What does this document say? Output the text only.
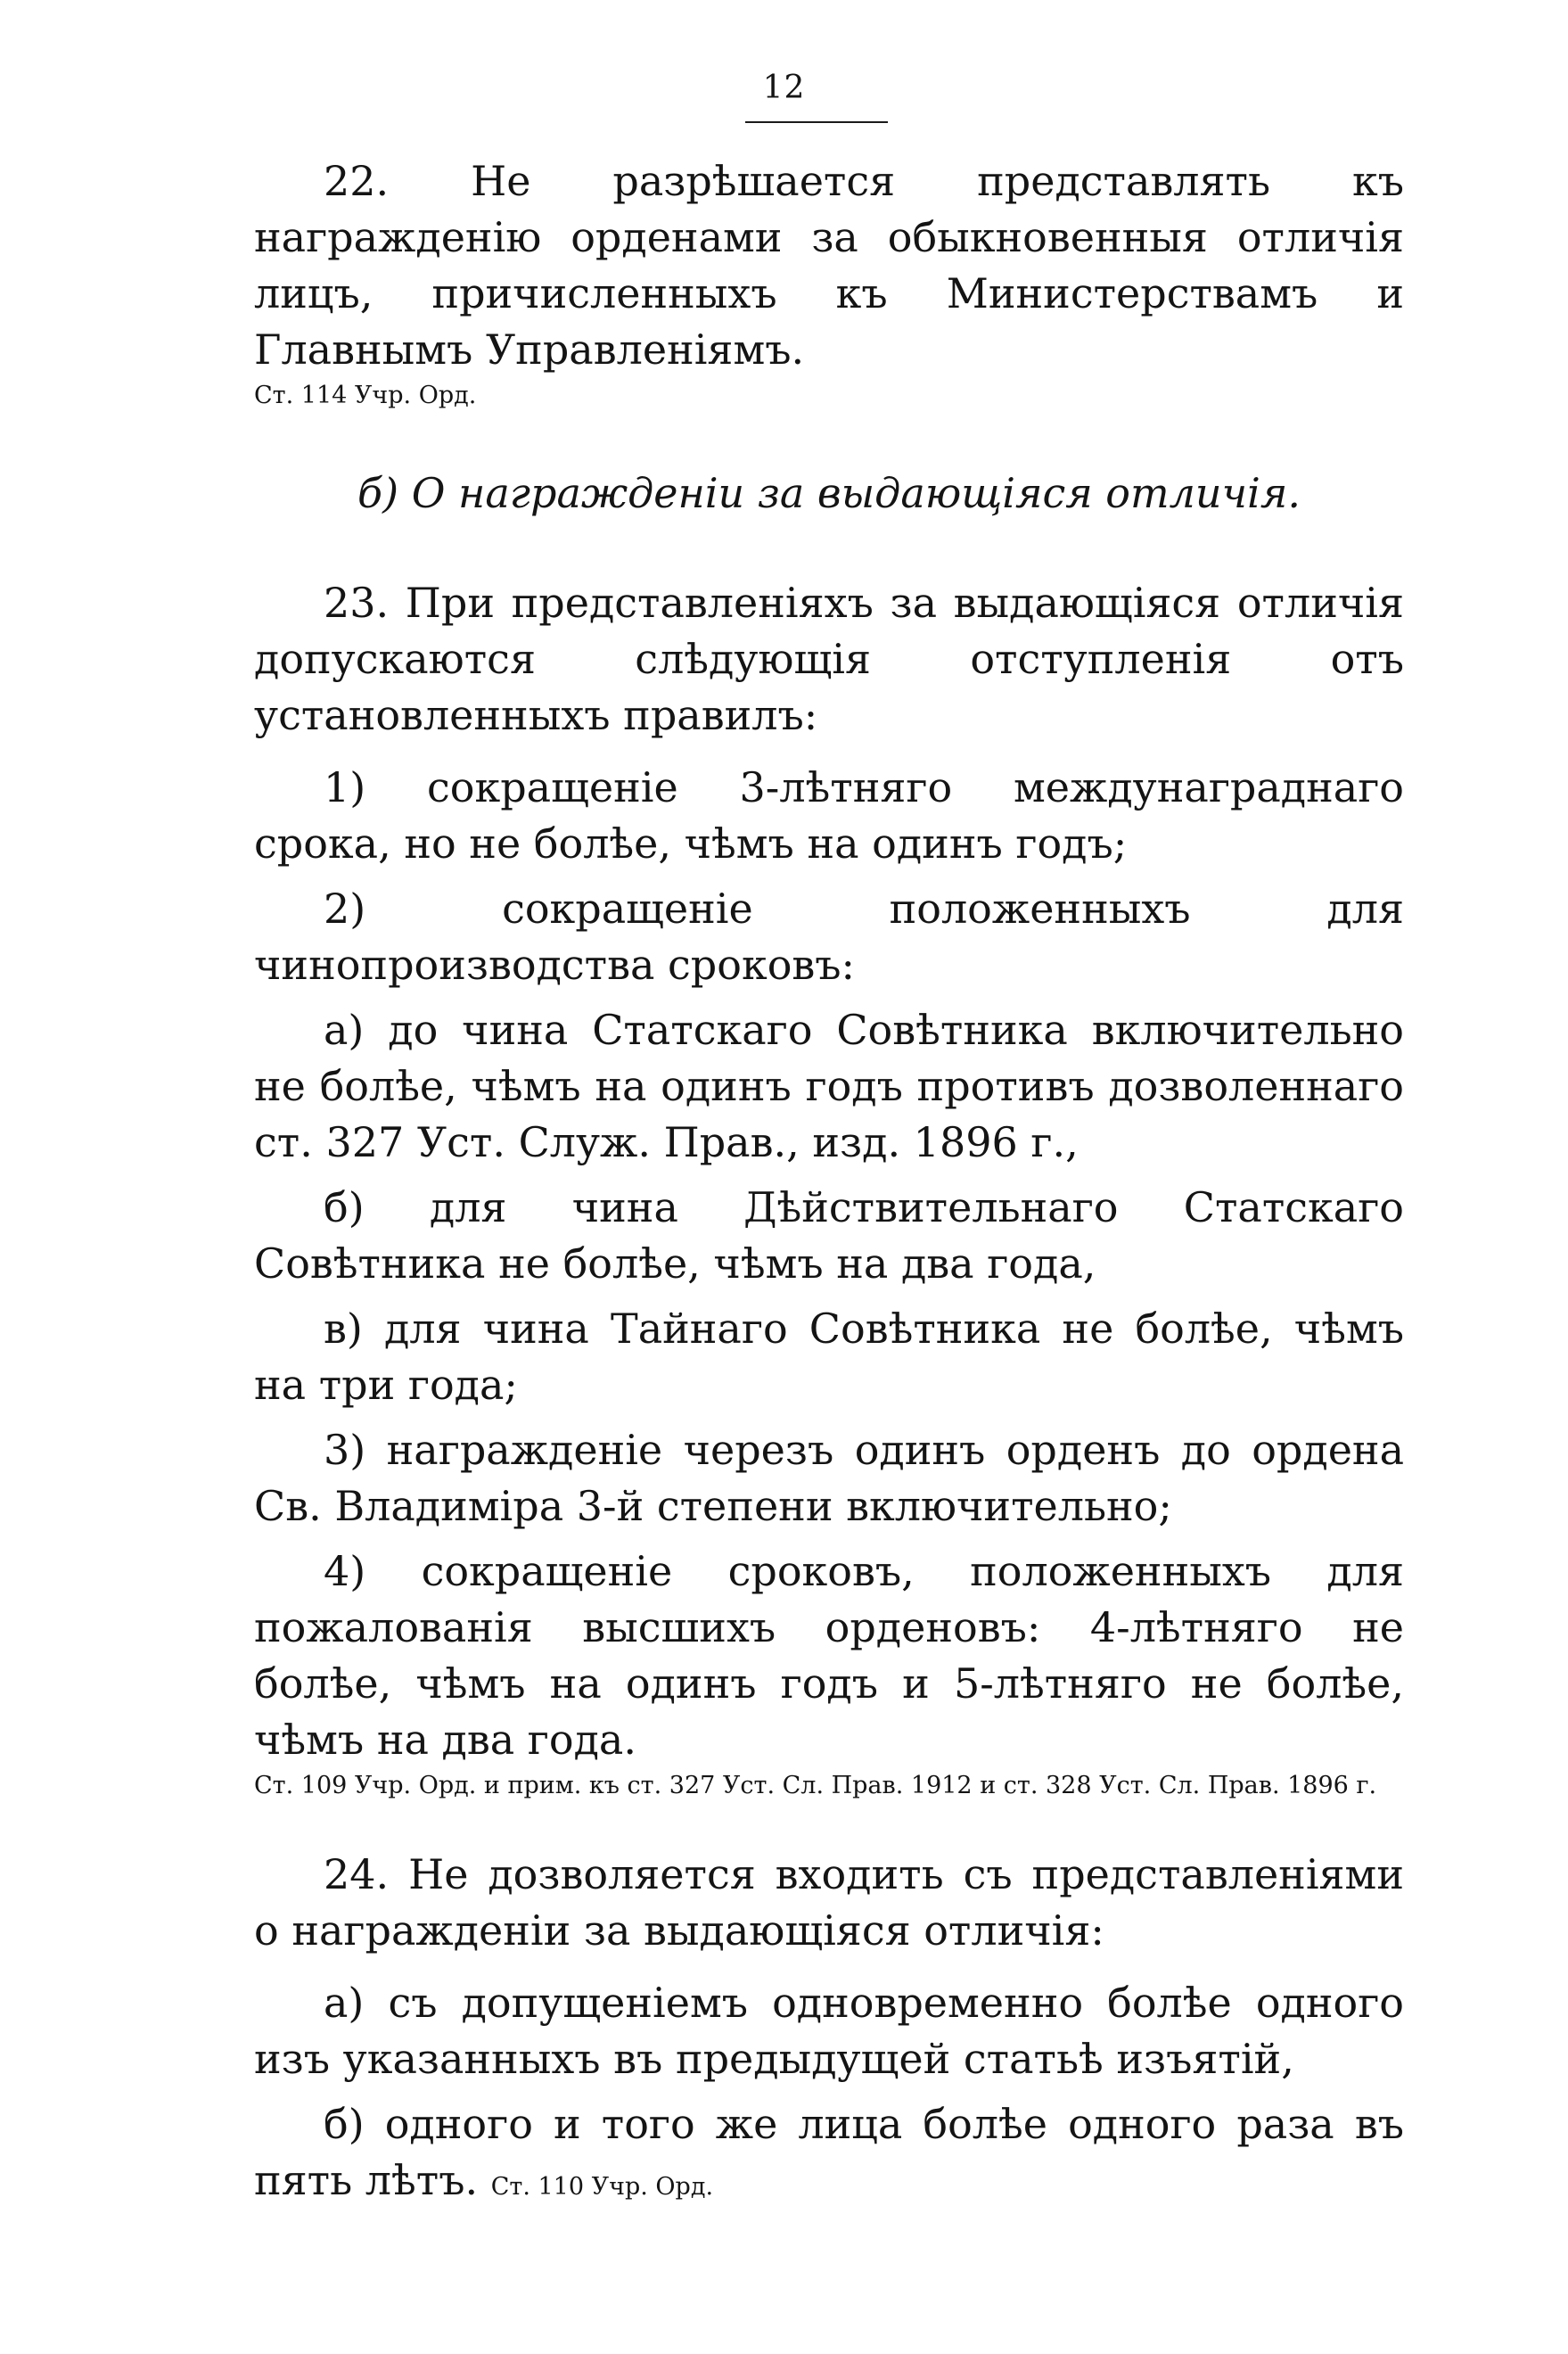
12

22. Не разрѣшается представлять къ награжденію орденами за обыкновенныя отличія лицъ, причисленныхъ къ Министерствамъ и Главнымъ Управленіямъ.

Ст. 114 Учр. Орд.

б) О награжденіи за выдающіяся отличія.

23. При представленіяхъ за выдающіяся отличія допускаются слѣдующія отступленія отъ установленныхъ правилъ:

1) сокращеніе 3-лѣтняго междунаграднаго срока, но не болѣе, чѣмъ на одинъ годъ;

2) сокращеніе положенныхъ для чинопроизводства сроковъ:

а) до чина Статскаго Совѣтника включительно не болѣе, чѣмъ на одинъ годъ противъ дозволеннаго ст. 327 Уст. Служ. Прав., изд. 1896 г.,

б) для чина Дѣйствительнаго Статскаго Совѣтника не болѣе, чѣмъ на два года,

в) для чина Тайнаго Совѣтника не болѣе, чѣмъ на три года;

3) награжденіе черезъ одинъ орденъ до ордена Св. Владиміра 3-й степени включительно;

4) сокращеніе сроковъ, положенныхъ для пожалованія высшихъ орденовъ: 4-лѣтняго не болѣе, чѣмъ на одинъ годъ и 5-лѣтняго не болѣе, чѣмъ на два года.

Ст. 109 Учр. Орд. и прим. къ ст. 327 Уст. Сл. Прав. 1912 и ст. 328 Уст. Сл. Прав. 1896 г.

24. Не дозволяется входить съ представленіями о награжденіи за выдающіяся отличія:

а) съ допущеніемъ одновременно болѣе одного изъ указанныхъ въ предыдущей статьѣ изъятій,

б) одного и того же лица болѣе одного раза въ пять лѣтъ. Ст. 110 Учр. Орд.
